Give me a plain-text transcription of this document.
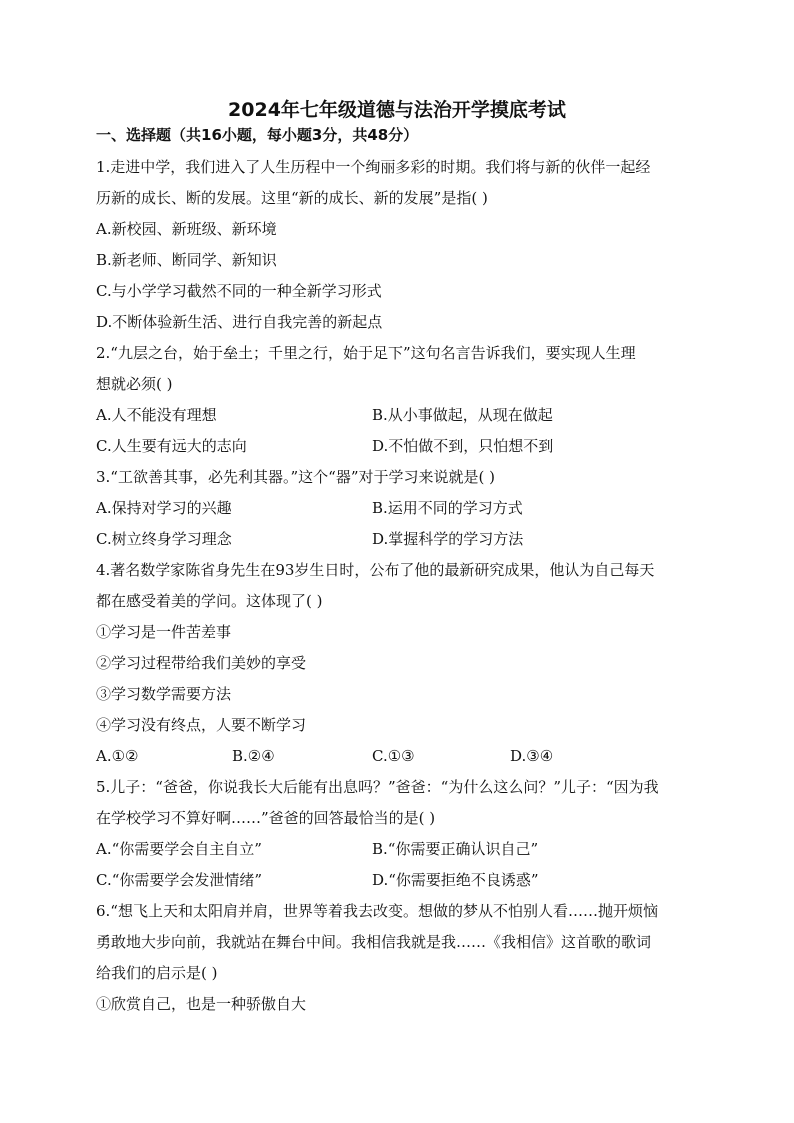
2024年七年级道德与法治开学摸底考试
一、选择题（共16小题，每小题3分，共48分）
1.走进中学，我们进入了人生历程中一个绚丽多彩的时期。我们将与新的伙伴一起经
历新的成长、断的发展。这里“新的成长、新的发展”是指( )
A.新校园、新班级、新环境
B.新老师、断同学、新知识
C.与小学学习截然不同的一种全新学习形式
D.不断体验新生活、进行自我完善的新起点
2.“九层之台，始于垒土；千里之行，始于足下”这句名言告诉我们，要实现人生理
想就必须( )
A.人不能没有理想	B.从小事做起，从现在做起
C.人生要有远大的志向	D.不怕做不到，只怕想不到
3.“工欲善其事，必先利其器。”这个“器”对于学习来说就是( )
A.保持对学习的兴趣	B.运用不同的学习方式
C.树立终身学习理念	D.掌握科学的学习方法
4.著名数学家陈省身先生在93岁生日时，公布了他的最新研究成果，他认为自己每天
都在感受着美的学问。这体现了( )
①学习是一件苦差事
②学习过程带给我们美妙的享受
③学习数学需要方法
④学习没有终点，人要不断学习
A.①②	B.②④	C.①③	D.③④
5.儿子：“爸爸，你说我长大后能有出息吗？”爸爸：“为什么这么问？”儿子：“因为我
在学校学习不算好啊……”爸爸的回答最恰当的是( )
A.“你需要学会自主自立”	B.“你需要正确认识自己”
C.“你需要学会发泄情绪”	D.“你需要拒绝不良诱惑”
6.“想飞上天和太阳肩并肩，世界等着我去改变。想做的梦从不怕别人看……抛开烦恼
勇敢地大步向前，我就站在舞台中间。我相信我就是我……《我相信》这首歌的歌词
给我们的启示是( )
①欣赏自己，也是一种骄傲自大
